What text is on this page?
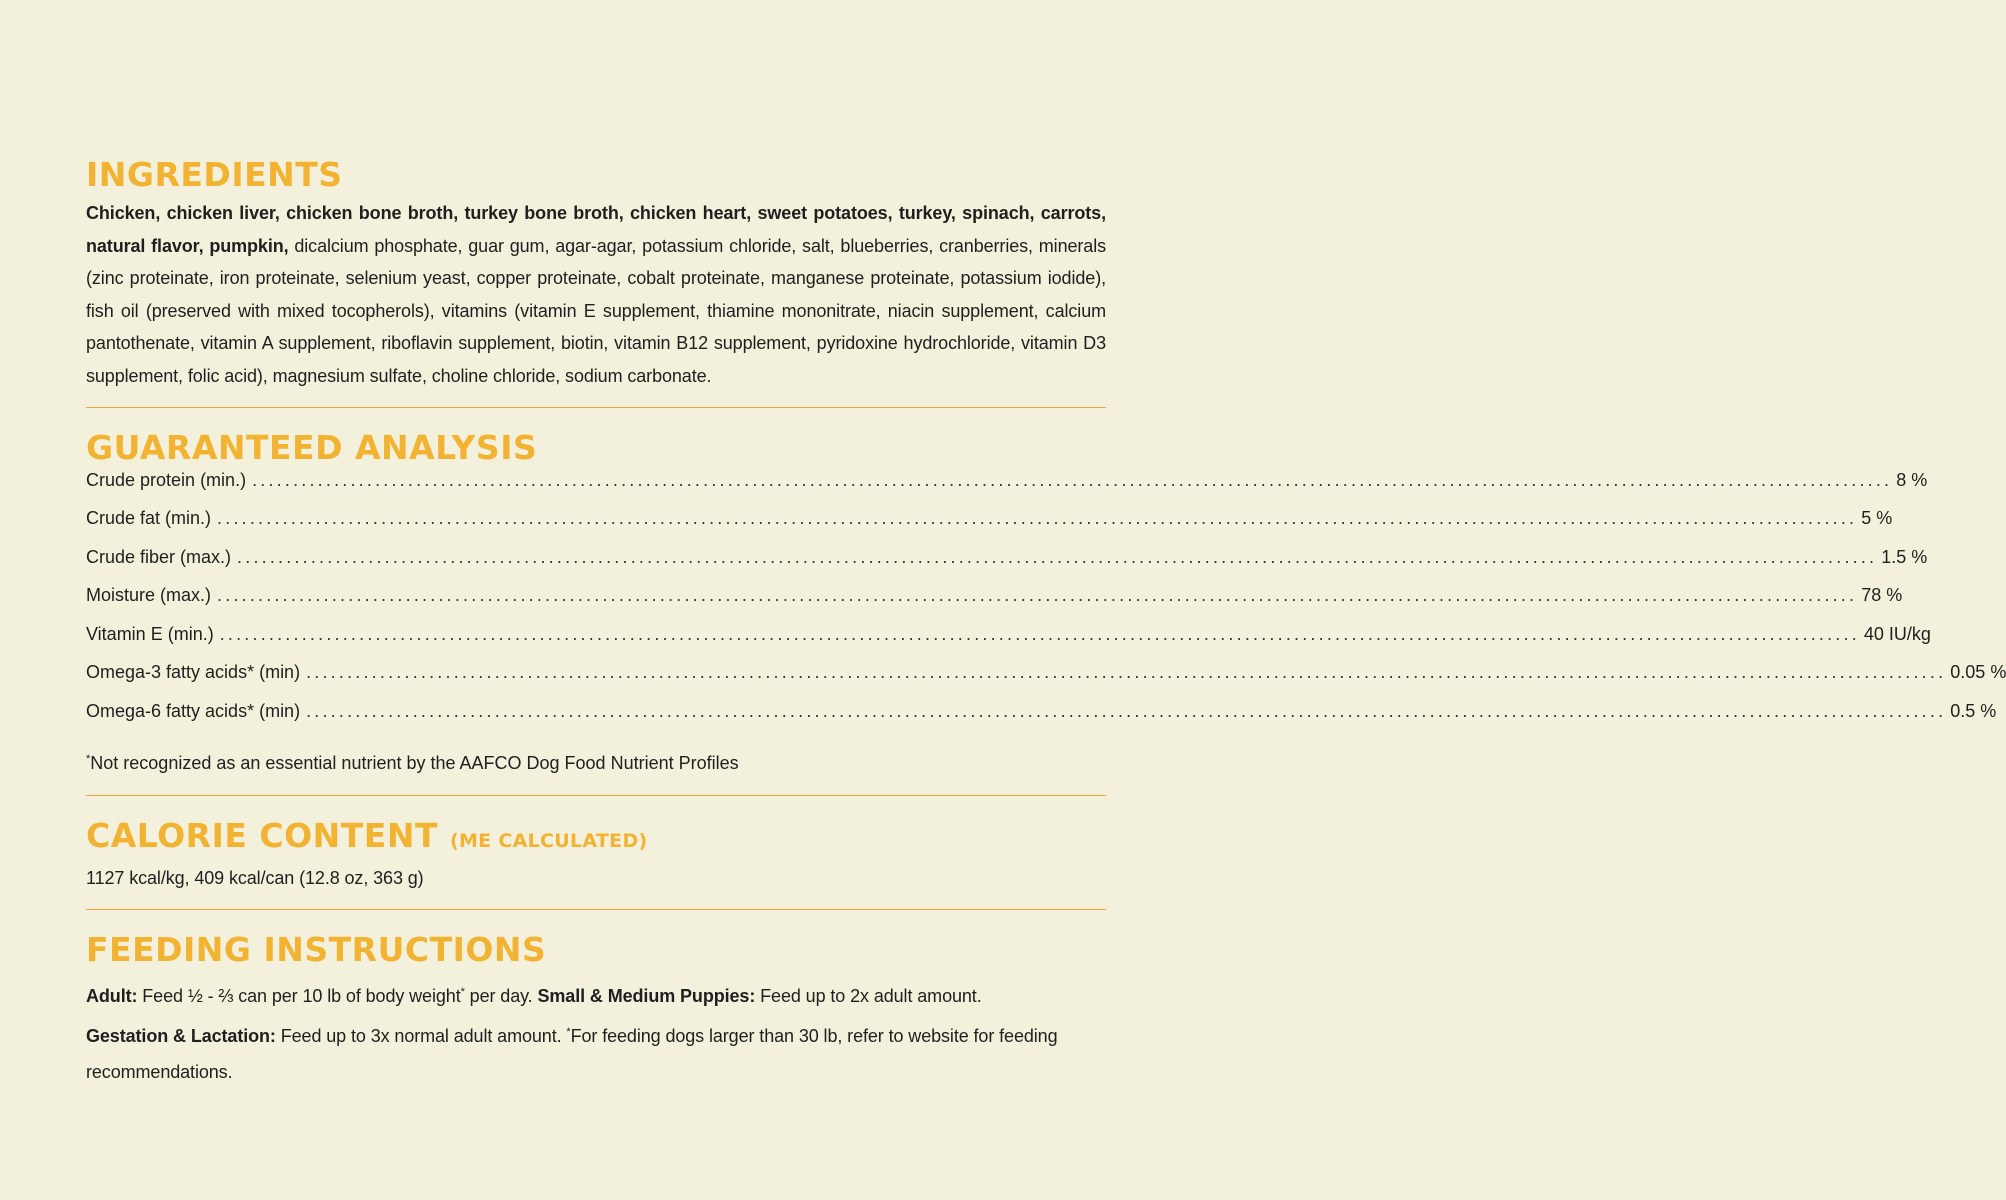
INGREDIENTS

Chicken, chicken liver, chicken bone broth, turkey bone broth, chicken heart, sweet potatoes, turkey, spinach, carrots, natural flavor, pumpkin, dicalcium phosphate, guar gum, agar-agar, potassium chloride, salt, blueberries, cranberries, minerals (zinc proteinate, iron proteinate, selenium yeast, copper proteinate, cobalt proteinate, manganese proteinate, potassium iodide), fish oil (preserved with mixed tocopherols), vitamins (vitamin E supplement, thiamine mononitrate, niacin supplement, calcium pantothenate, vitamin A supplement, riboflavin supplement, biotin, vitamin B12 supplement, pyridoxine hydrochloride, vitamin D3 supplement, folic acid), magnesium sulfate, choline chloride, sodium carbonate.

GUARANTEED ANALYSIS
Crude protein (min.) ........................................................................................................................................................................................................ 8 %
Crude fat (min.) ........................................................................................................................................................................................................ 5 %
Crude fiber (max.) ........................................................................................................................................................................................................ 1.5 %
Moisture (max.) ........................................................................................................................................................................................................ 78 %
Vitamin E (min.) ........................................................................................................................................................................................................ 40 IU/kg
Omega-3 fatty acids* (min) ........................................................................................................................................................................................................ 0.05 %
Omega-6 fatty acids* (min) ........................................................................................................................................................................................................ 0.5 %
*Not recognized as an essential nutrient by the AAFCO Dog Food Nutrient Profiles
CALORIE CONTENT (ME CALCULATED)

1127 kcal/kg, 409 kcal/can (12.8 oz, 363 g)

FEEDING INSTRUCTIONS

Adult: Feed ½ - ⅔ can per 10 lb of body weight* per day. Small & Medium Puppies: Feed up to 2x adult amount.
Gestation & Lactation: Feed up to 3x normal adult amount. *For feeding dogs larger than 30 lb, refer to website for feeding recommendations.
